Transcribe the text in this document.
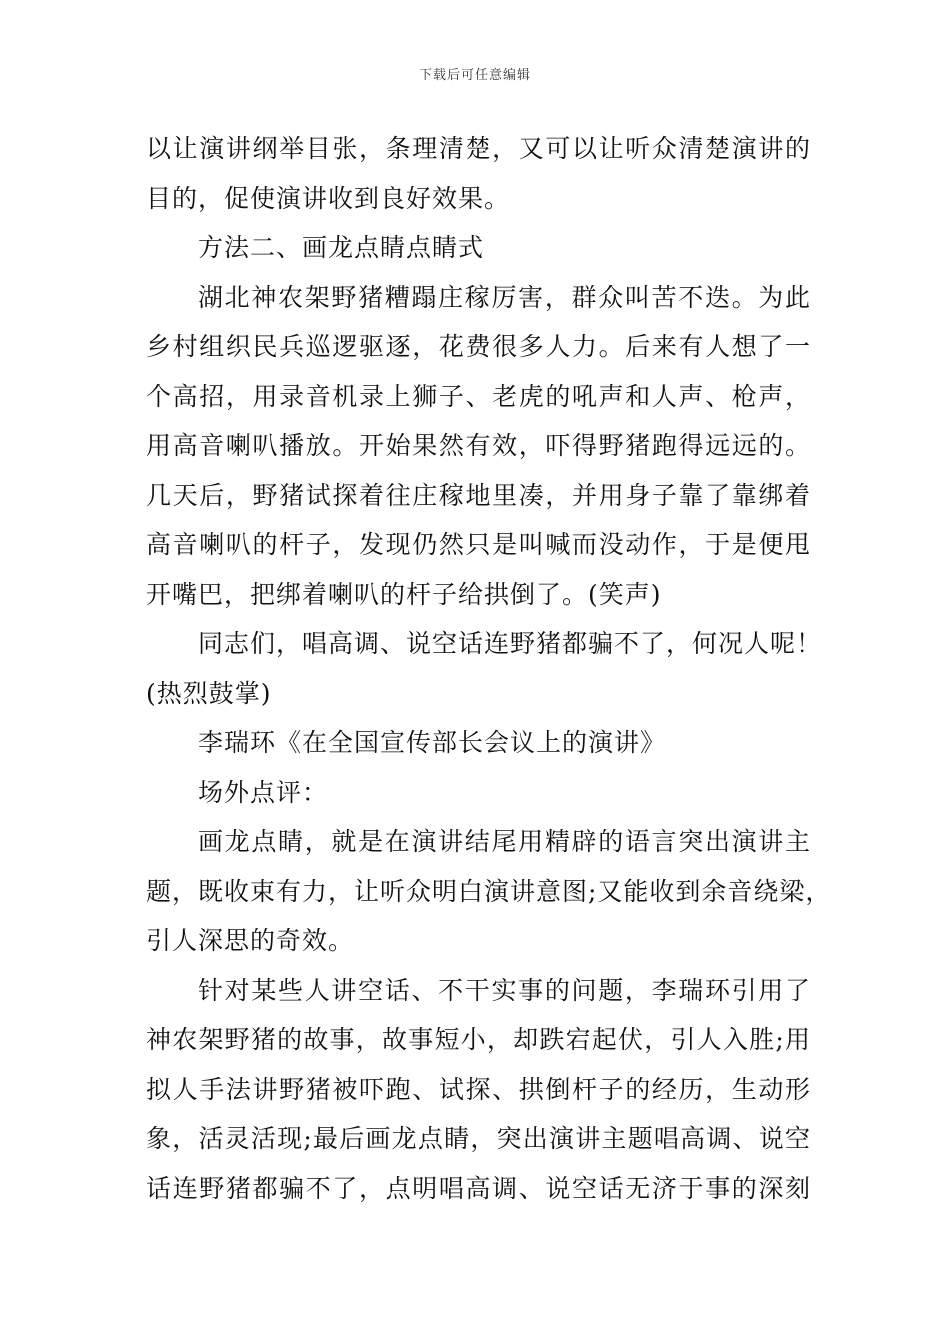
下载后可任意编辑
以让演讲纲举目张，条理清楚，又可以让听众清楚演讲的
目的，促使演讲收到良好效果。
方法二、画龙点睛点睛式
湖北神农架野猪糟蹋庄稼厉害，群众叫苦不迭。为此
乡村组织民兵巡逻驱逐，花费很多人力。后来有人想了一
个高招，用录音机录上狮子、老虎的吼声和人声、枪声，
用高音喇叭播放。开始果然有效，吓得野猪跑得远远的。
几天后，野猪试探着往庄稼地里凑，并用身子靠了靠绑着
高音喇叭的杆子，发现仍然只是叫喊而没动作，于是便甩
开嘴巴，把绑着喇叭的杆子给拱倒了。(笑声)
同志们，唱高调、说空话连野猪都骗不了，何况人呢！
(热烈鼓掌)
李瑞环《在全国宣传部长会议上的演讲》
场外点评：
画龙点睛，就是在演讲结尾用精辟的语言突出演讲主
题，既收束有力，让听众明白演讲意图;又能收到余音绕梁，
引人深思的奇效。
针对某些人讲空话、不干实事的问题，李瑞环引用了
神农架野猪的故事，故事短小，却跌宕起伏，引人入胜;用
拟人手法讲野猪被吓跑、试探、拱倒杆子的经历，生动形
象，活灵活现;最后画龙点睛，突出演讲主题唱高调、说空
话连野猪都骗不了，点明唱高调、说空话无济于事的深刻
